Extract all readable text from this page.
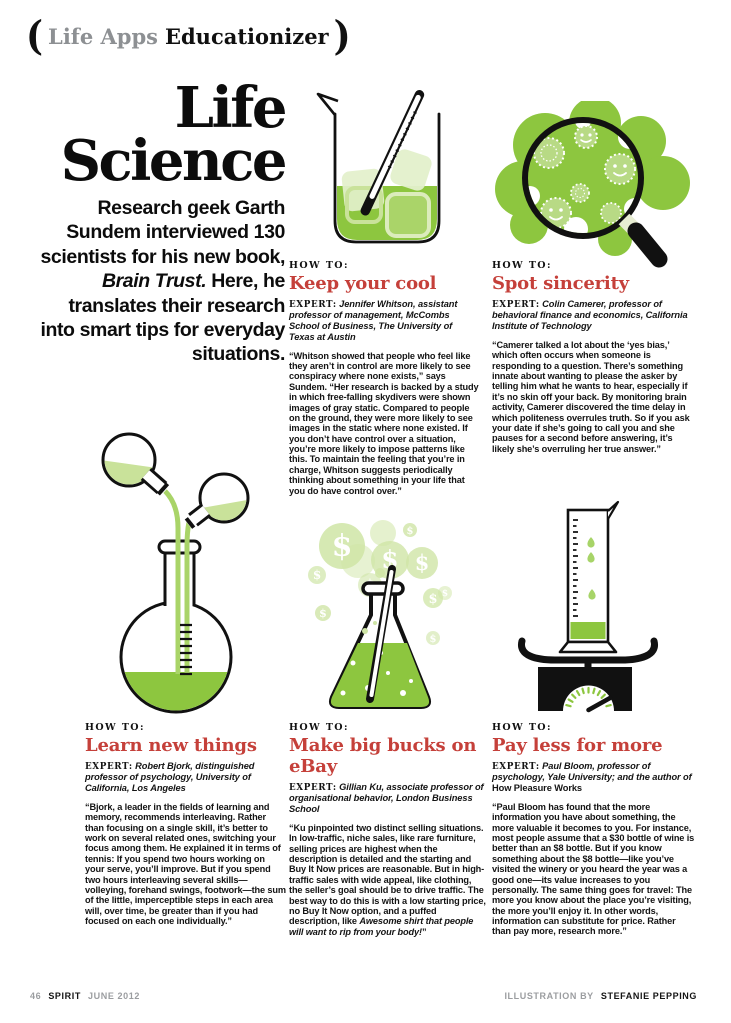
( Life Apps Educationizer )
Life
Science
Research geek Garth Sundem interviewed 130 scientists for his new book, Brain Trust. Here, he translates their research into smart tips for everyday situations.
$ $ $
$
$
$ $
$
$
HOW TO:
Keep your cool
EXPERT: Jennifer Whitson, assistant professor of management, McCombs School of Business, The University of Texas at Austin
“Whitson showed that people who feel like they aren’t in control are more likely to see conspiracy where none exists,” says Sundem. “Her research is backed by a study in which free-falling skydivers were shown images of gray static. Compared to people on the ground, they were more likely to see images in the static where none existed. If you don’t have control over a situation, you’re more likely to impose patterns like this. To maintain the feeling that you’re in charge, Whitson suggests periodically thinking about something in your life that you do have control over.”
HOW TO:
Spot sincerity
EXPERT: Colin Camerer, professor of behavioral finance and economics, California Institute of Technology
“Camerer talked a lot about the ‘yes bias,’ which often occurs when someone is responding to a question. There’s something innate about wanting to please the asker by telling him what he wants to hear, especially if it’s no skin off your back. By monitoring brain activity, Camerer discovered the time delay in which politeness overrules truth. So if you ask your date if she’s going to call you and she pauses for a second before answering, it’s likely she’s overruling her true answer.”
HOW TO:
Learn new things
EXPERT: Robert Bjork, distinguished professor of psychology, University of California, Los Angeles
“Bjork, a leader in the fields of learning and memory, recommends interleaving. Rather than focusing on a single skill, it’s better to work on several related ones, switching your focus among them. He explained it in terms of tennis: If you spend two hours working on your serve, you’ll improve. But if you spend two hours interleaving several skills—volleying, forehand swings, footwork—the sum of the little, imperceptible steps in each area will, over time, be greater than if you had focused on each one individually.”
HOW TO:
Make big bucks on eBay
EXPERT: Gillian Ku, associate professor of organisational behavior, London Business School
“Ku pinpointed two distinct selling situations. In low-traffic, niche sales, like rare furniture, selling prices are highest when the description is detailed and the starting and Buy It Now prices are reasonable. But in high-traffic sales with wide appeal, like clothing, the seller’s goal should be to drive traffic. The best way to do this is with a low starting price, no Buy It Now option, and a puffed description, like Awesome shirt that people will want to rip from your body!”
HOW TO:
Pay less for more
EXPERT: Paul Bloom, professor of psychology, Yale University; and the author of How Pleasure Works
“Paul Bloom has found that the more information you have about something, the more valuable it becomes to you. For instance, most people assume that a $30 bottle of wine is better than an $8 bottle. But if you know something about the $8 bottle—like you’ve visited the winery or you heard the year was a good one—its value increases to you personally. The same thing goes for travel: The more you know about the place you’re visiting, the more you’ll enjoy it. In other words, information can substitute for price. Rather than pay more, research more.”
46 SPIRIT JUNE 2012	ILLUSTRATION BY STEFANIE PEPPING
